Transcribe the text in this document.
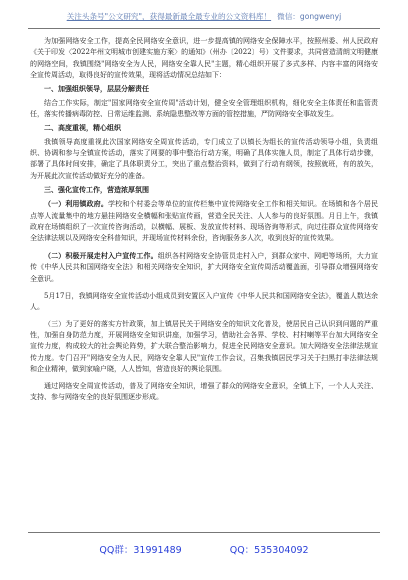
关注头条号"公文研究"，获得最新最全最专业的公文资料库！ 微信：gongwenyj

为加强网络安全工作，提高全民网络安全意识，进一步提高镇的网络安全保障水平，按照州委、州人民政府《关于印发〈2022年州文明城市创建实施方案〉的通知》（州办〔2022〕号）文件要求，共同营造清朗文明健康的网络空间，我镇围绕"网络安全为人民，网络安全靠人民"主题，精心组织开展了多式多样、内容丰富的网络安全宣传周活动，取得良好的宣传效果，现将活动情况总结如下：

一、加强组织领导，层层分解责任

结合工作实际，制定"国家网络安全宣传周"活动计划，健全安全管理组织机构，细化安全主体责任和监管责任，落实传播病毒防控、日常运维监测、系统隐患整改等方面的管控措施，严防网络安全事故发生。

二、高度重视，精心组织

我镇领导高度重视此次国家网络安全周宣传活动，专门成立了以镇长为组长的宣传活动领导小组，负责组织、协调和参与全镇宣传活动，落实了网要的事中整治行动方案，明确了具体实施人员，制定了具体行动步骤，部署了具体时间安排，确定了具体职责分工，突出了重点整治资料，做到了行动有纲领，按照就班，有的放矢，为开展此次宣传活动做好充分的准备。

三、强化宣传工作，营造浓厚氛围

（一）利用镇政府。学校和个村委会等单位的宣传栏集中宣传网络安全工作和相关知识。在场镇和各个居民点等人流量集中的地方悬挂网络安全横幅和张贴宣传画，营造全民关注、人人参与的良好氛围。月日上午，我镇政府在场镇组织了一次宣传咨询活动，以横幅、展板、发放宣传材料、现场咨询等形式，向过往群众宣传网络安全法律法规以及网络安全科普知识，并现场宣传材料余份，咨询服务多人次，收到良好的宣传效果。

（二）积极开展走村入户宣传工作。组织各村网络安全协管员走村入户，到群众家中、网吧等场所，大力宣传《中华人民共和国网络安全法》和相关网络安全知识，扩大网络安全宣传周活动覆盖面，引导群众增强网络安全意识。

5月17日，我镇网络安全宣传活动小组成员到安置区入户宣传《中华人民共和国网络安全法》，覆盖人数达余人。

（三）为了更好的落实方针政策，加上镇居民关于网络安全的知识文化普及，使居民自己认识到问题的严重性，加强自身防范力度，开展网络安全知识讲座，加强学习，借助社会各界、学校、村村喇等平台加大网络安全宣传力度，构成较大的社会舆论阵势，扩大联合整治影响力，促进全民网络安全意识。加大网络安全法律法规宣传力度。专门召开"网络安全为人民，网络安全靠人民"宣传工作会议，召集我镇居民学习关于扫黑打非法律法规和企业精神，做到家喻户晓，人人皆知，营造良好的舆论氛围。

通过网络安全周宣传活动，普及了网络安全知识，增强了群众的网络安全意识，全镇上下，一个人人关注、支持、参与网络安全的良好氛围逐步形成。

QQ群：31991489	QQ：535304092
